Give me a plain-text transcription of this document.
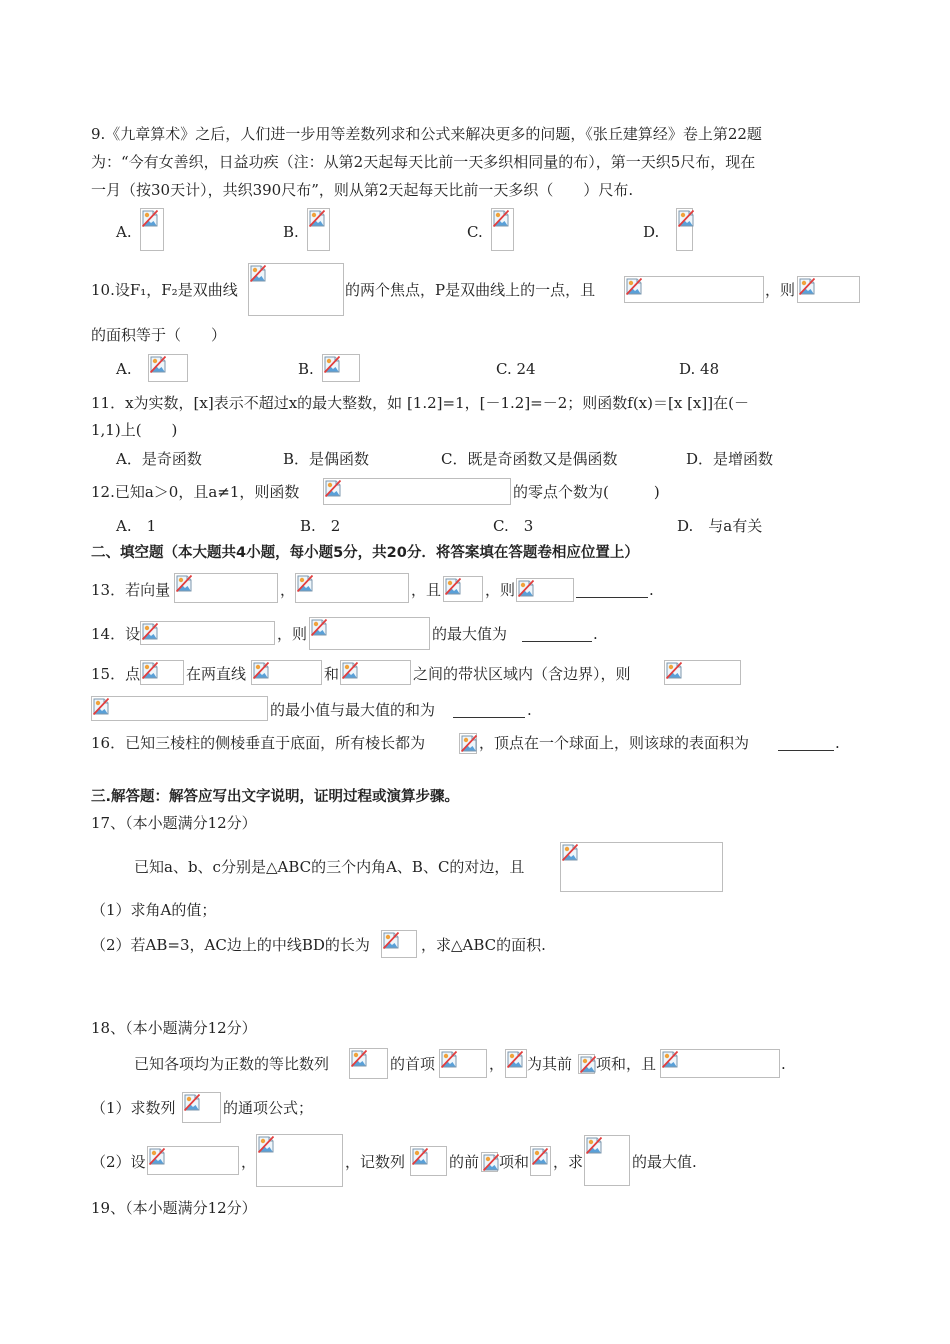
9.《九章算术》之后，人们进一步用等差数列求和公式来解决更多的问题，《张丘建算经》卷上第22题
为：“今有女善织，日益功疾（注：从第2天起每天比前一天多织相同量的布），第一天织5尺布，现在
一月（按30天计），共织390尺布”，则从第2天起每天比前一天多织（　　）尺布.
A.	B.	C.	D.
10.设F₁，F₂是双曲线	的两个焦点，P是双曲线上的一点，且	，则
的面积等于（　　）
A.	B.	C. 24	D. 48
11．x为实数，[x]表示不超过x的最大整数，如 [1.2]=1，[－1.2]=－2；则函数f(x)＝[x [x]]在(－
1,1)上(　　)
A．是奇函数	B．是偶函数	C．既是奇函数又是偶函数	D．是增函数
12.已知a＞0，且a≠1，则函数	的零点个数为(　　　)
A.　1	B.　2	C.　3	D.　与a有关
二、填空题（本大题共4小题，每小题5分，共20分．将答案填在答题卷相应位置上）
13．若向量	，	，且	，则	.
14．设	，则	的最大值为	.
15．点	在两直线	和	之间的带状区域内（含边界），则
的最小值与最大值的和为	.
16．已知三棱柱的侧棱垂直于底面，所有棱长都为	，顶点在一个球面上，则该球的表面积为	.
三.解答题：解答应写出文字说明，证明过程或演算步骤。
17、（本小题满分12分）
已知a、b、c分别是△ABC的三个内角A、B、C的对边，且
（1）求角A的值；
（2）若AB=3，AC边上的中线BD的长为	，求△ABC的面积.
18、（本小题满分12分）
已知各项均为正数的等比数列	的首项	， 为其前 项和，且	.
（1）求数列	的通项公式；
（2）设	，	，记数列	的前 项和 ，求	的最大值.
19、（本小题满分12分）
